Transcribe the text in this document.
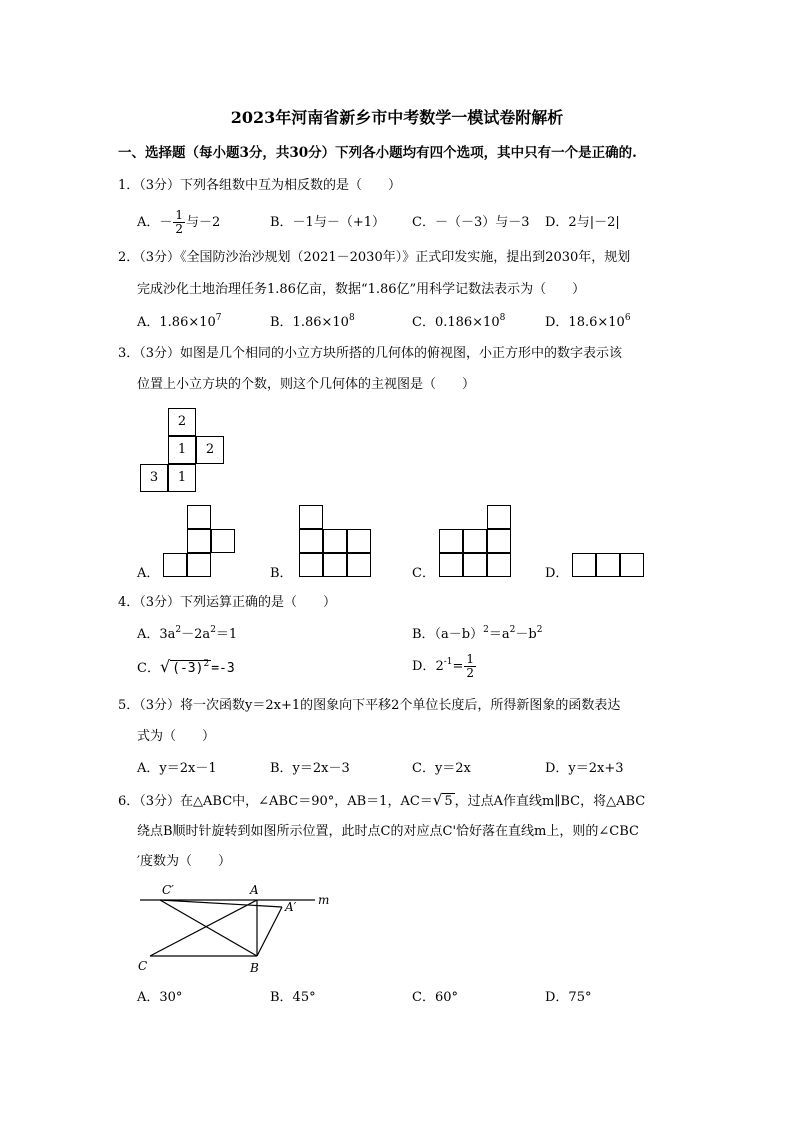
2023年河南省新乡市中考数学一模试卷附解析
一、选择题（每小题3分，共30分）下列各小题均有四个选项，其中只有一个是正确的.
1．（3分）下列各组数中互为相反数的是（　　）
A．－ $\frac{1}{2}$ 与－2	B．－1与－（+1） C．－（－3）与－3 D．2与|－2|
2．（3分）《全国防沙治沙规划（2021－2030年）》正式印发实施，提出到2030年，规划
完成沙化土地治理任务1.86亿亩，数据“1.86亿”用科学记数法表示为（　　）
A．$1.86\times 10^7$	B．$1.86\times 10^8$	C．$0.186\times 10^8$	D．$18.6\times 10^6$
3．（3分）如图是几个相同的小立方块所搭的几何体的俯视图，小正方形中的数字表示该
位置上小立方块的个数，则这个几何体的主视图是（　　）
2
1	2
3	1
A．	B．	C．	D．
4．（3分）下列运算正确的是（　　）
A．$3a^2-2a^2=1$	B．$(a-b)^2=a^2-b^2$
C．√ $(-3)^2 =-3$	D．$2^{-1}= \frac{1}{2}$
5．（3分）将一次函数y＝2x+1的图象向下平移2个单位长度后，所得新图象的函数表达
式为（　　）
A．y＝2x－1	B．y＝2x－3	C．y＝2x	D．y＝2x+3
6．（3分）在△ABC中，∠ABC＝90°，AB＝1，AC＝√ 5 ，过点A作直线m∥BC，将△ABC
绕点B顺时针旋转到如图所示位置，此时点C的对应点C'恰好落在直线m上，则的∠CBC
′度数为（　　）
C′	A
A′ m
C	B
A．30°	B．45°	C．60°	D．75°
